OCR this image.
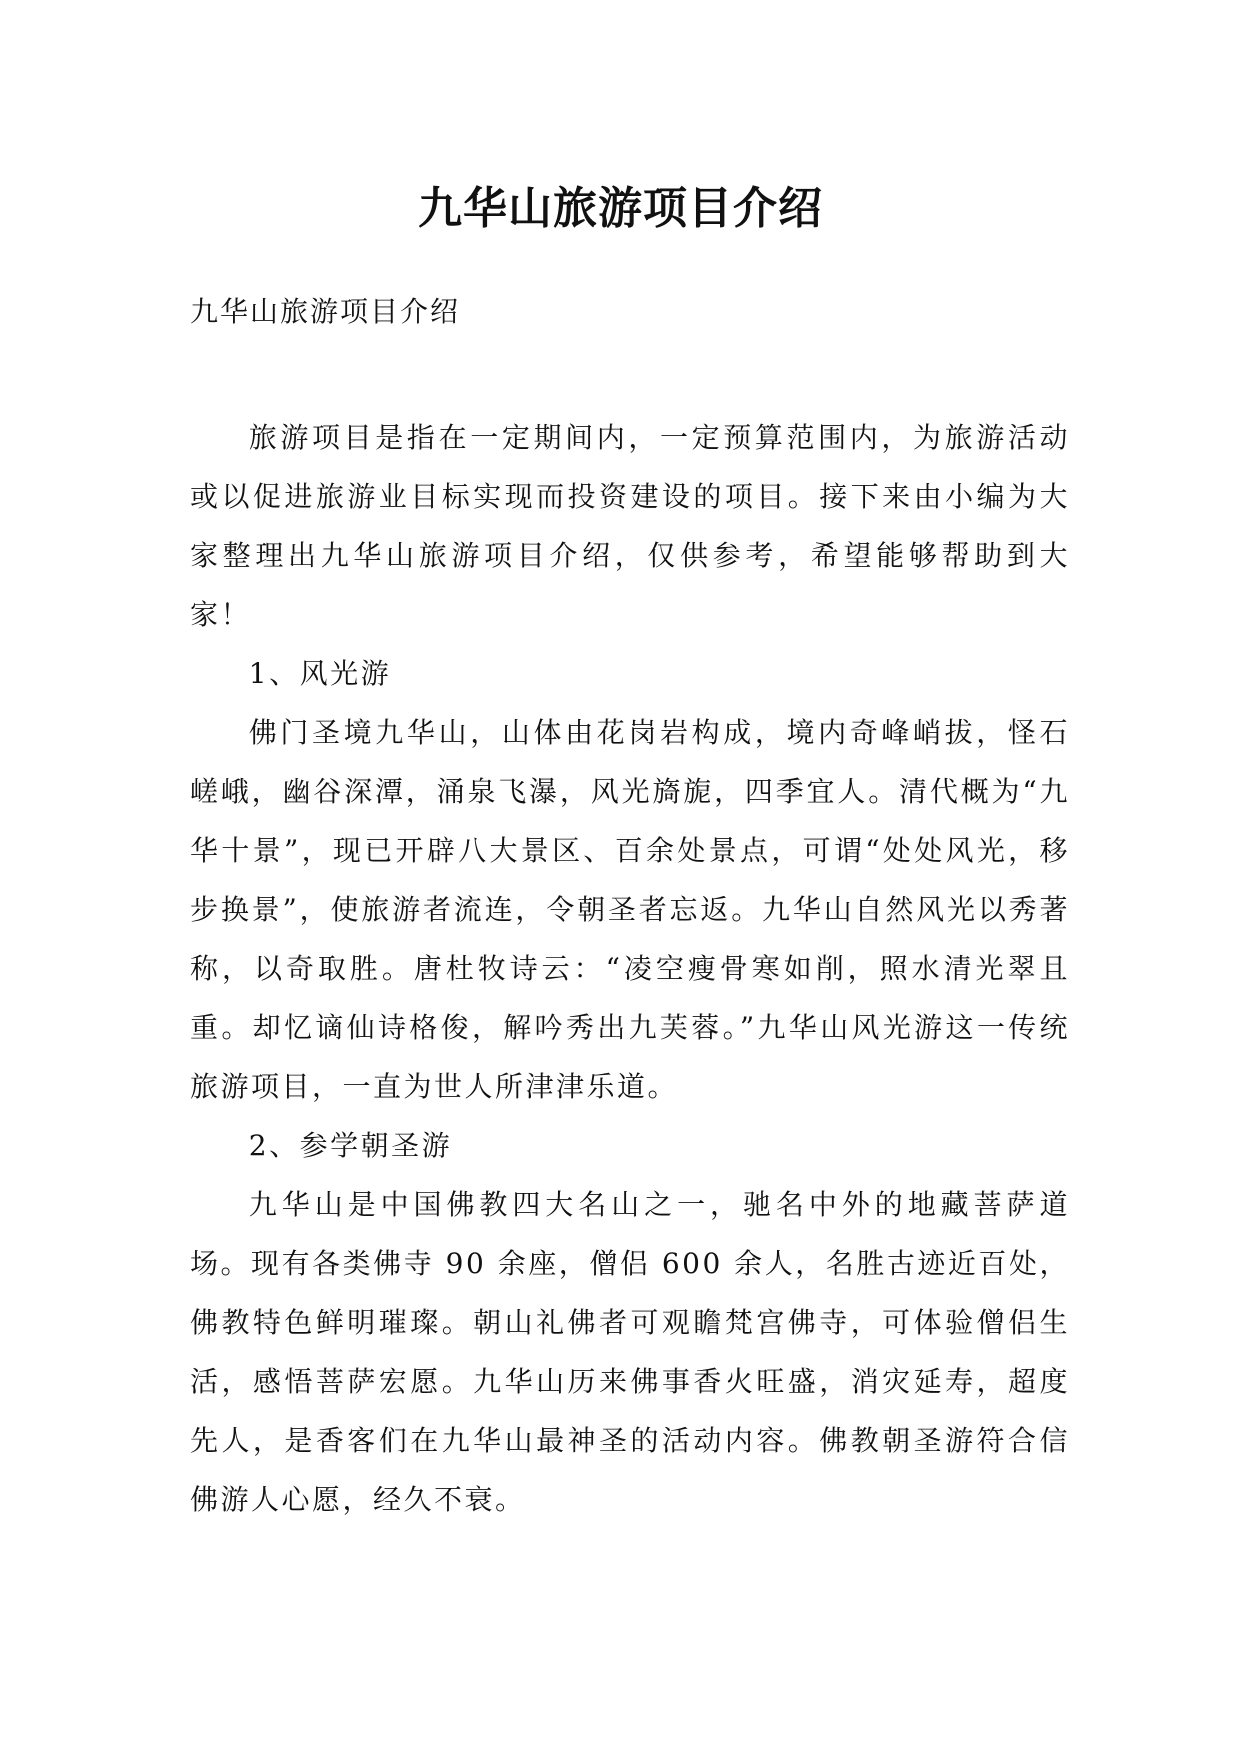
九华山旅游项目介绍
九华山旅游项目介绍

旅游项目是指在一定期间内，一定预算范围内，为旅游活动或以促进旅游业目标实现而投资建设的项目。接下来由小编为大家整理出九华山旅游项目介绍，仅供参考，希望能够帮助到大家！

1、风光游

佛门圣境九华山，山体由花岗岩构成，境内奇峰峭拔，怪石嵯峨，幽谷深潭，涌泉飞瀑，风光旖旎，四季宜人。清代概为“九华十景”，现已开辟八大景区、百余处景点，可谓“处处风光，移步换景”，使旅游者流连，令朝圣者忘返。九华山自然风光以秀著称，以奇取胜。唐杜牧诗云：“凌空瘦骨寒如削，照水清光翠且重。却忆谪仙诗格俊，解吟秀出九芙蓉。”九华山风光游这一传统旅游项目，一直为世人所津津乐道。

2、参学朝圣游

九华山是中国佛教四大名山之一，驰名中外的地藏菩萨道场。现有各类佛寺 90 余座，僧侣 600 余人，名胜古迹近百处，佛教特色鲜明璀璨。朝山礼佛者可观瞻梵宫佛寺，可体验僧侣生活，感悟菩萨宏愿。九华山历来佛事香火旺盛，消灾延寿，超度先人，是香客们在九华山最神圣的活动内容。佛教朝圣游符合信佛游人心愿，经久不衰。
